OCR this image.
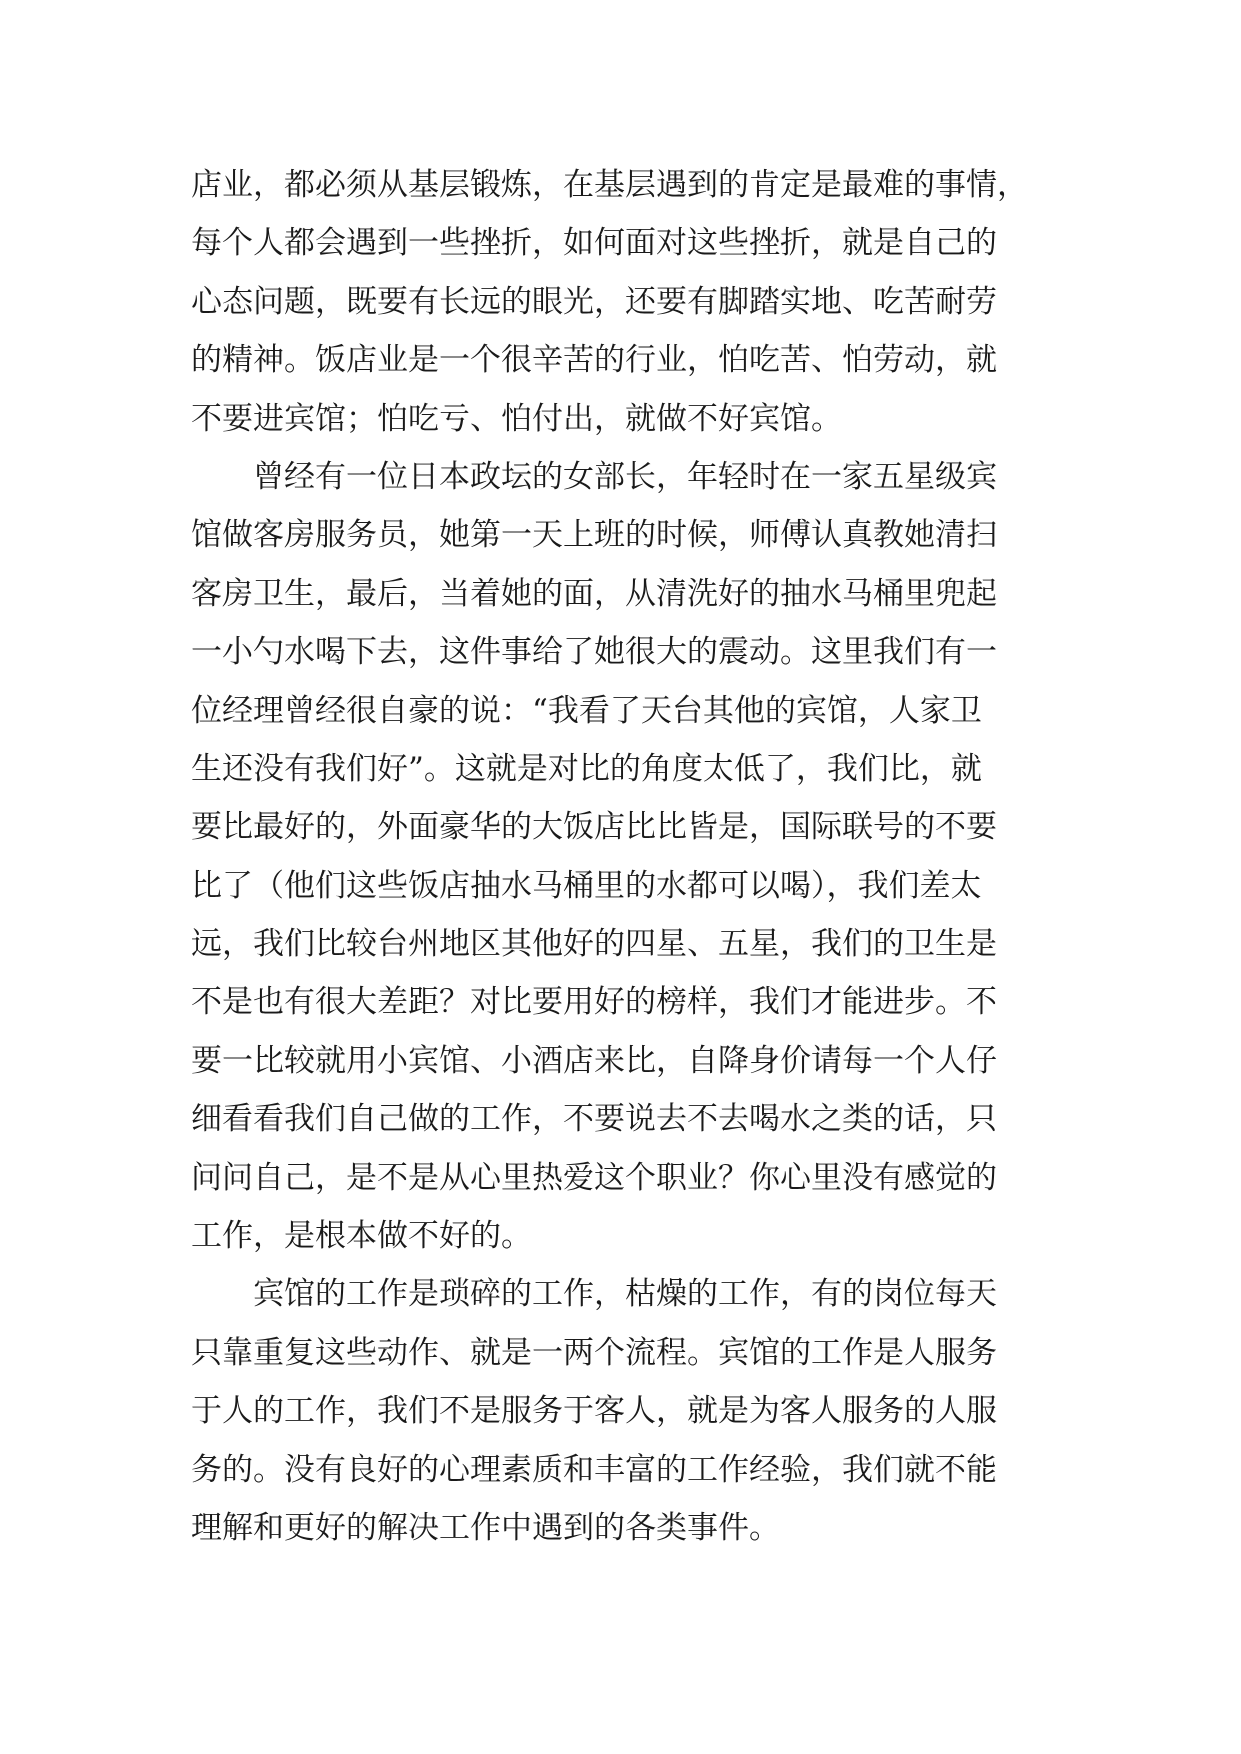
店业，都必须从基层锻炼，在基层遇到的肯定是最难的事情，
每个人都会遇到一些挫折，如何面对这些挫折，就是自己的
心态问题，既要有长远的眼光，还要有脚踏实地、吃苦耐劳
的精神。饭店业是一个很辛苦的行业，怕吃苦、怕劳动，就
不要进宾馆；怕吃亏、怕付出，就做不好宾馆。

曾经有一位日本政坛的女部长，年轻时在一家五星级宾
馆做客房服务员，她第一天上班的时候，师傅认真教她清扫
客房卫生，最后，当着她的面，从清洗好的抽水马桶里兜起
一小勺水喝下去，这件事给了她很大的震动。这里我们有一
位经理曾经很自豪的说：“我看了天台其他的宾馆，人家卫
生还没有我们好”。这就是对比的角度太低了，我们比，就
要比最好的，外面豪华的大饭店比比皆是，国际联号的不要
比了（他们这些饭店抽水马桶里的水都可以喝），我们差太
远，我们比较台州地区其他好的四星、五星，我们的卫生是
不是也有很大差距？对比要用好的榜样，我们才能进步。不
要一比较就用小宾馆、小酒店来比，自降身价请每一个人仔
细看看我们自己做的工作，不要说去不去喝水之类的话，只
问问自己，是不是从心里热爱这个职业？你心里没有感觉的
工作，是根本做不好的。

宾馆的工作是琐碎的工作，枯燥的工作，有的岗位每天
只靠重复这些动作、就是一两个流程。宾馆的工作是人服务
于人的工作，我们不是服务于客人，就是为客人服务的人服
务的。没有良好的心理素质和丰富的工作经验，我们就不能
理解和更好的解决工作中遇到的各类事件。
